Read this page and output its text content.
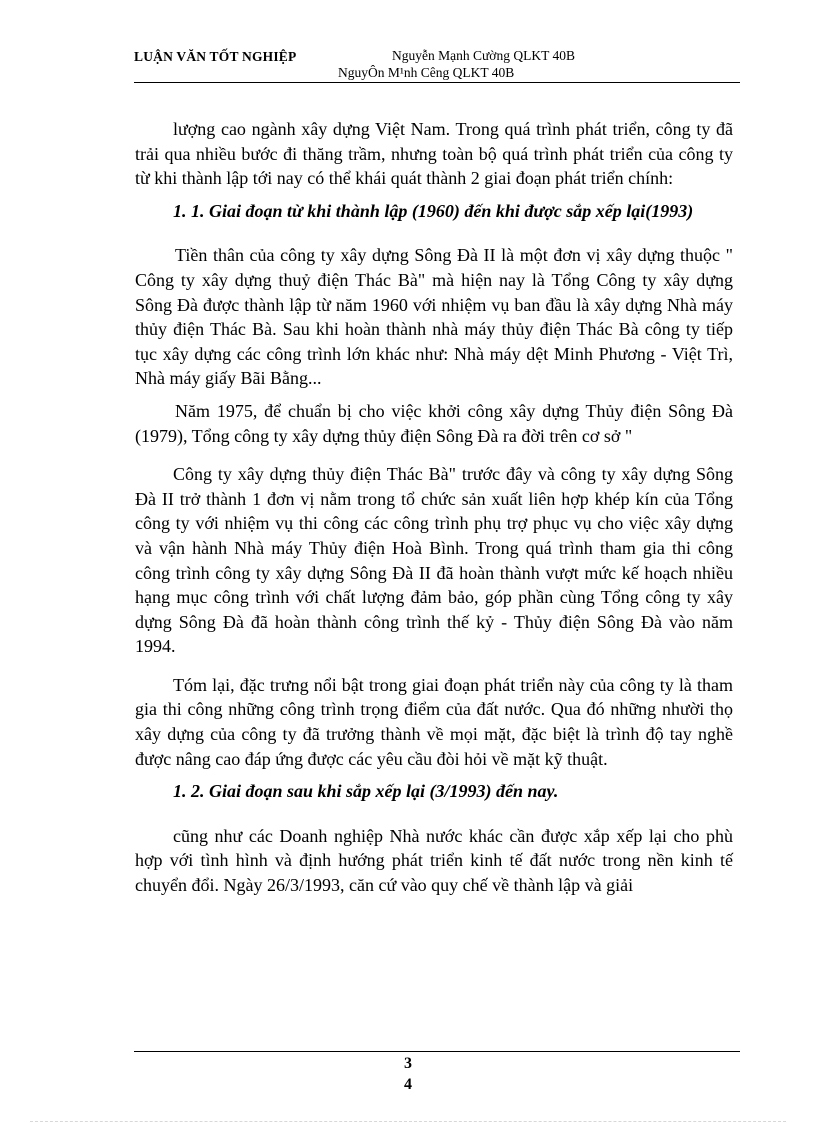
LUẬN VĂN TỐT NGHIỆP	Nguyễn Mạnh Cường QLKT 40B
NguyÔn M¹nh Cêng QLKT 40B

lượng cao ngành xây dựng Việt Nam. Trong quá trình phát triển, công ty đã trải qua nhiều bước đi thăng trầm, nhưng toàn bộ quá trình phát triển của công ty từ khi thành lập tới nay có thể khái quát thành 2 giai đoạn phát triển chính:

1. 1. Giai đoạn từ khi thành lập (1960) đến khi được sắp xếp lại(1993)

Tiền thân của công ty xây dựng Sông Đà II là một đơn vị xây dựng thuộc " Công ty xây dựng thuỷ điện Thác Bà" mà hiện nay là Tổng Công ty xây dựng Sông Đà được thành lập từ năm 1960 với nhiệm vụ ban đầu là xây dựng Nhà máy thủy điện Thác Bà. Sau khi hoàn thành nhà máy thủy điện Thác Bà công ty tiếp tục xây dựng các công trình lớn khác như: Nhà máy dệt Minh Phương - Việt Trì, Nhà máy giấy Bãi Bằng...

Năm 1975, để chuẩn bị cho việc khởi công xây dựng Thủy điện Sông Đà (1979), Tổng công ty xây dựng thủy điện Sông Đà ra đời trên cơ sở "

Công ty xây dựng thủy điện Thác Bà" trước đây và công ty xây dựng Sông Đà II trở thành 1 đơn vị nằm trong tổ chức sản xuất liên hợp khép kín của Tổng công ty với nhiệm vụ thi công các công trình phụ trợ phục vụ cho việc xây dựng và vận hành Nhà máy Thủy điện Hoà Bình. Trong quá trình tham gia thi công công trình công ty xây dựng Sông Đà II đã hoàn thành vượt mức kế hoạch nhiều hạng mục công trình với chất lượng đảm bảo, góp phần cùng Tổng công ty xây dựng Sông Đà đã hoàn thành công trình thế kỷ - Thủy điện Sông Đà vào năm 1994.

Tóm lại, đặc trưng nổi bật trong giai đoạn phát triển này của công ty là tham gia thi công những công trình trọng điểm của đất nước. Qua đó những nhười thọ xây dựng của công ty đã trưởng thành về mọi mặt, đặc biệt là trình độ tay nghề được nâng cao đáp ứng được các yêu cầu đòi hỏi về mặt kỹ thuật.

1. 2. Giai đoạn sau khi sắp xếp lại (3/1993) đến nay.

cũng như các Doanh nghiệp Nhà nước khác cần được xắp xếp lại cho phù hợp với tình hình và định hướng phát triển kinh tế đất nước trong nền kinh tế chuyển đổi. Ngày 26/3/1993, căn cứ vào quy chế về thành lập và giải

3
4
